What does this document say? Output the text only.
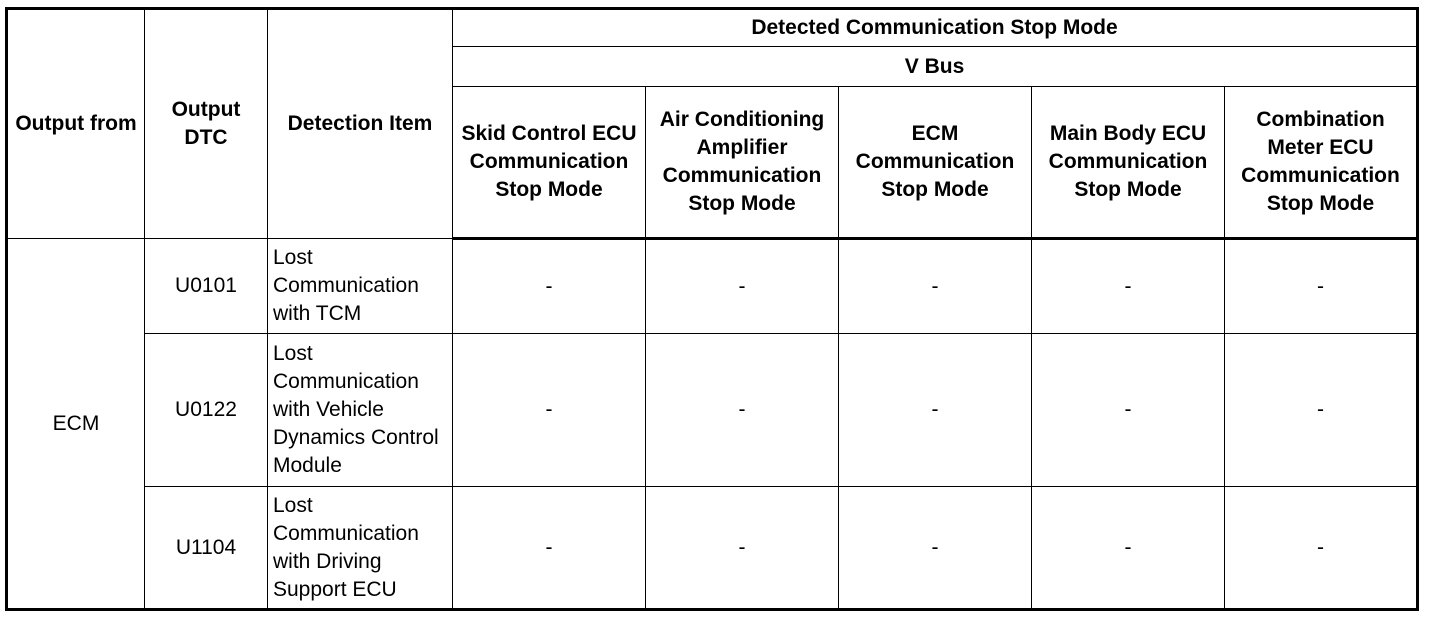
Output from	Output DTC	Detection Item	Detected Communication Stop Mode				
			V Bus				
			Skid Control ECU Communication Stop Mode	Air Conditioning Amplifier Communication Stop Mode	ECM Communication Stop Mode	Main Body ECU Communication Stop Mode	Combination Meter ECU Communication Stop Mode
ECM	U0101	Lost Communication with TCM	-	-	-	-	-
	U0122	Lost Communication with Vehicle Dynamics Control Module	-	-	-	-	-
	U1104	Lost Communication with Driving Support ECU	-	-	-	-	-
